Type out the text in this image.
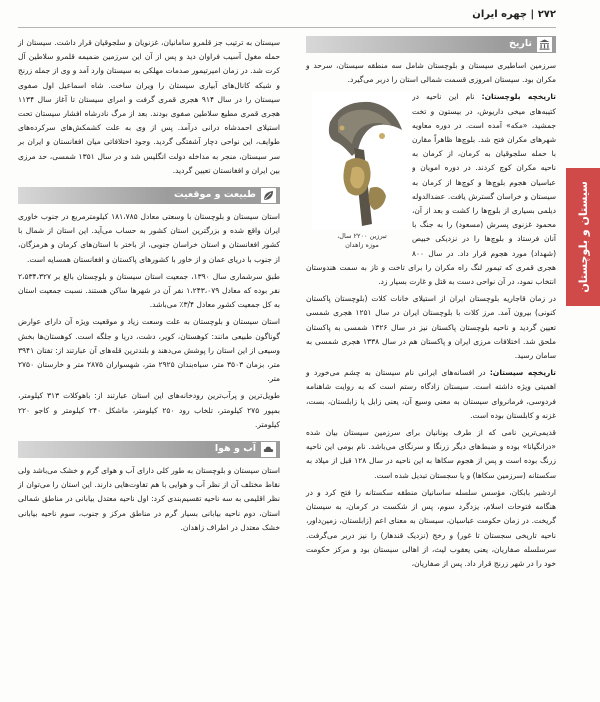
۲۷۲ | چهره ایران
سیستان و بلوچستان
تاریخ

سرزمین اساطیری سیستان و بلوچستان شامل سه منطقه سیستان، سرحد و مکران بود. سیستان امروزی قسمت شمالی استان را دربر می‌گیرد.

تبرزین ۲۲۰۰ سال،
موزه زاهدان

تاریخچه بلوچستان: نام این ناحیه در کتیبه‌های میخی داریوش، در بیستون و تخت جمشید، «مکه» آمده است. در دوره معاویه شهرهای مکران فتح شد. بلوچ‌ها ظاهراً مقارن با حمله سلجوقیان به کرمان، از کرمان به ناحیه مکران کوچ کردند. در دوره امویان و عباسیان هجوم بلوچ‌ها و کوچ‌ها از کرمان به سیستان و خراسان گسترش یافت. عضدالدوله دیلمی بسیاری از بلوچ‌ها را کشت و بعد از آن، محمود غزنوی پسرش (مسعود) را به جنگ با آنان فرستاد و بلوچ‌ها را در نزدیکی خبیص (شهداد) مورد هجوم قرار داد. در سال ۸۰۰ هجری قمری که تیمور لنگ راه مکران را برای تاخت و تاز به سمت هندوستان انتخاب نمود، در آن نواحی دست به قتل و غارت بسیار زد.

در زمان قاجاریه بلوچستان ایران از استیلای خانات کلات (بلوچستان پاکستان کنونی) بیرون آمد. مرز کلات با بلوچستان ایران در سال ۱۲۵۱ هجری شمسی تعیین گردید و ناحیه بلوچستان پاکستان نیز در سال ۱۳۲۶ شمسی به پاکستان ملحق شد. اختلافات مرزی ایران و پاکستان هم در سال ۱۳۳۸ هجری شمسی به سامان رسید.

تاریخچه سیستان: در افسانه‌های ایرانی نام سیستان به چشم می‌خورد و اهمیتی ویژه داشته است. سیستان زادگاه رستم است که به روایت شاهنامه فردوسی، فرمانروای سیستان به معنی وسیع آن، یعنی زابل یا زابلستان، بست، غزنه و کابلستان بوده است.

قدیمی‌ترین نامی که از طرف یونانیان برای سرزمین سیستان بیان شده «درانگیانا» بوده و ضبط‌های دیگر زرنگا و سرنگای می‌باشد. نام بومی این ناحیه زرنگ بوده است و پس از هجوم سکاها به این ناحیه در سال ۱۲۸ قبل از میلاد به سکستانه (سرزمین سکاها) و یا سجستان تبدیل شده است.

اردشیر بابکان، مؤسس سلسله ساسانیان منطقه سکستانه را فتح کرد و در هنگامه فتوحات اسلام، یزدگرد سوم، پس از شکست در کرمان، به سیستان گریخت. در زمان حکومت عباسیان، سیستان به معنای اعم (زابلستان، زمین‌داور، ناحیه تاریخی سجستان تا غور) و رخج (نزدیک قندهار) را نیز دربر می‌گرفت. سرسلسله صفاریان، یعنی یعقوب لیث، از اهالی سیستان بود و مرکز حکومت خود را در شهر زرنج قرار داد. پس از صفاریان،

سیستان به ترتیب جز قلمرو سامانیان، غزنویان و سلجوقیان قرار داشت. سیستان از حمله مغول آسیب فراوان دید و پس از آن این سرزمین ضمیمه قلمرو سلاطین آل کرت شد. در زمان امیرتیمور صدمات مهلکی به سیستان وارد آمد و وی از جمله زرنج و شبکه کانال‌های آبیاری سیستان را ویران ساخت. شاه اسماعیل اول صفوی سیستان را در سال ۹۱۴ هجری قمری گرفت و امرای سیستان تا آغاز سال ۱۱۳۴ هجری قمری مطیع سلاطین صفوی بودند. بعد از مرگ نادرشاه افشار سیستان تحت استیلای احمدشاه درانی درآمد. پس از وی به علت کشمکش‌های سرکرده‌های طوایف، این نواحی دچار آشفتگی گردید. وجود اختلافاتی میان افغانستان و ایران بر سر سیستان، منجر به مداخله دولت انگلیس شد و در سال ۱۳۵۱ شمسی، حد مرزی بین ایران و افغانستان تعیین گردید.

طبیعت و موقعیت

استان سیستان و بلوچستان با وسعتی معادل ۱۸۱،۷۸۵ کیلومترمربع در جنوب خاوری ایران واقع شده و بزرگترین استان کشور به حساب می‌آید. این استان از شمال با کشور افغانستان و استان خراسان جنوبی، از باختر با استان‌های کرمان و هرمزگان، از جنوب با دریای عمان و از خاور با کشورهای پاکستان و افغانستان همسایه است.

طبق سرشماری سال ۱۳۹۰، جمعیت استان سیستان و بلوچستان بالغ بر ۲،۵۳۴،۳۲۷ نفر بوده که معادل ۱،۲۴۳،۰۷۹ نفر آن در شهرها ساکن هستند. نسبت جمعیت استان به کل جمعیت کشور معادل ۳/۴٪ می‌باشد.

استان سیستان و بلوچستان به علت وسعت زیاد و موقعیت ویژه آن دارای عوارض گوناگون طبیعی مانند: کوهستان، کویر، دشت، دریا و جلگه است. کوهستان‌ها بخش وسیعی از این استان را پوشش می‌دهند و بلندترین قله‌های آن عبارتند از: تفتان ۳۹۴۱ متر، بزمان ۳۵۰۳ متر، سیاه‌بندان ۲۹۲۵ متر، شهسواران ۲۸۷۵ متر و خارستان ۲۷۵۰ متر.

طویل‌ترین و پرآب‌ترین رودخانه‌های این استان عبارتند از: باهوکلات ۳۱۳ کیلومتر، بمپور ۲۷۵ کیلومتر، تلخاب رود ۲۵۰ کیلومتر، ماشکل ۲۴۰ کیلومتر و کاجو ۲۲۰ کیلومتر.

آب و هوا

استان سیستان و بلوچستان به طور کلی دارای آب و هوای گرم و خشک می‌باشد ولی نقاط مختلف آن از نظر آب و هوایی با هم تفاوت‌هایی دارند. این استان را می‌توان از نظر اقلیمی به سه ناحیه تقسیم‌بندی کرد: اول ناحیه معتدل بیابانی در مناطق شمالی استان، دوم ناحیه بیابانی بسیار گرم در مناطق مرکز و جنوب، سوم ناحیه بیابانی خشک معتدل در اطراف زاهدان.
